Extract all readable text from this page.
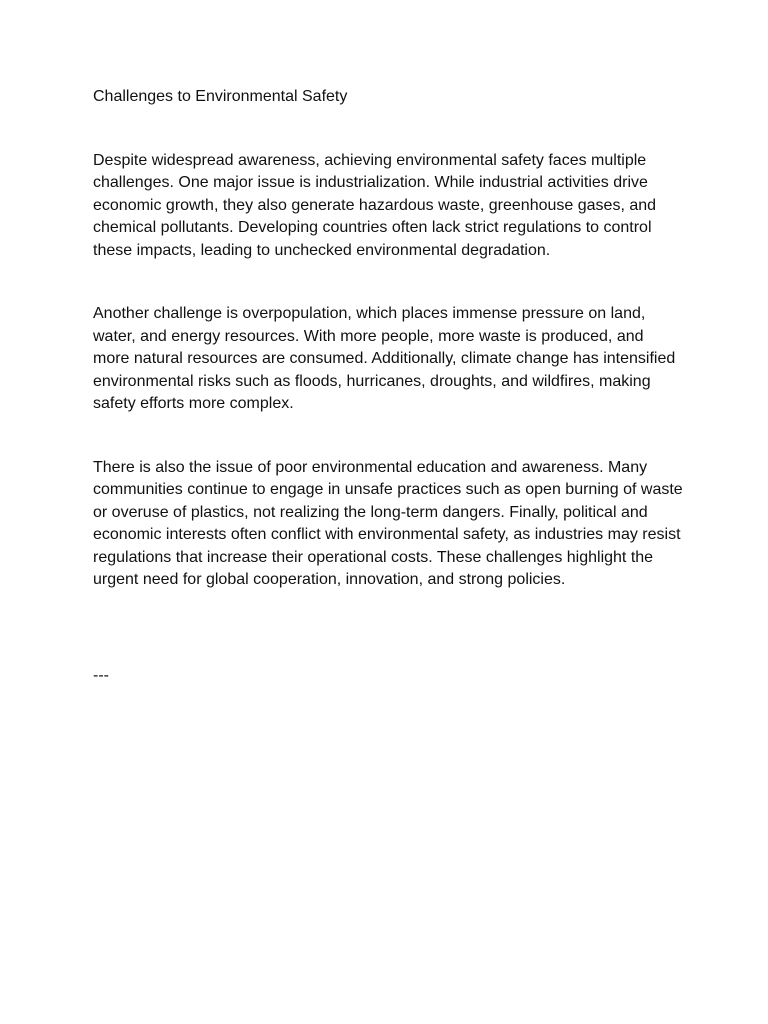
Challenges to Environmental Safety

Despite widespread awareness, achieving environmental safety faces multiple challenges. One major issue is industrialization. While industrial activities drive economic growth, they also generate hazardous waste, greenhouse gases, and chemical pollutants. Developing countries often lack strict regulations to control these impacts, leading to unchecked environmental degradation.

Another challenge is overpopulation, which places immense pressure on land, water, and energy resources. With more people, more waste is produced, and more natural resources are consumed. Additionally, climate change has intensified environmental risks such as floods, hurricanes, droughts, and wildfires, making safety efforts more complex.

There is also the issue of poor environmental education and awareness. Many communities continue to engage in unsafe practices such as open burning of waste or overuse of plastics, not realizing the long-term dangers. Finally, political and economic interests often conflict with environmental safety, as industries may resist regulations that increase their operational costs. These challenges highlight the urgent need for global cooperation, innovation, and strong policies.

---
